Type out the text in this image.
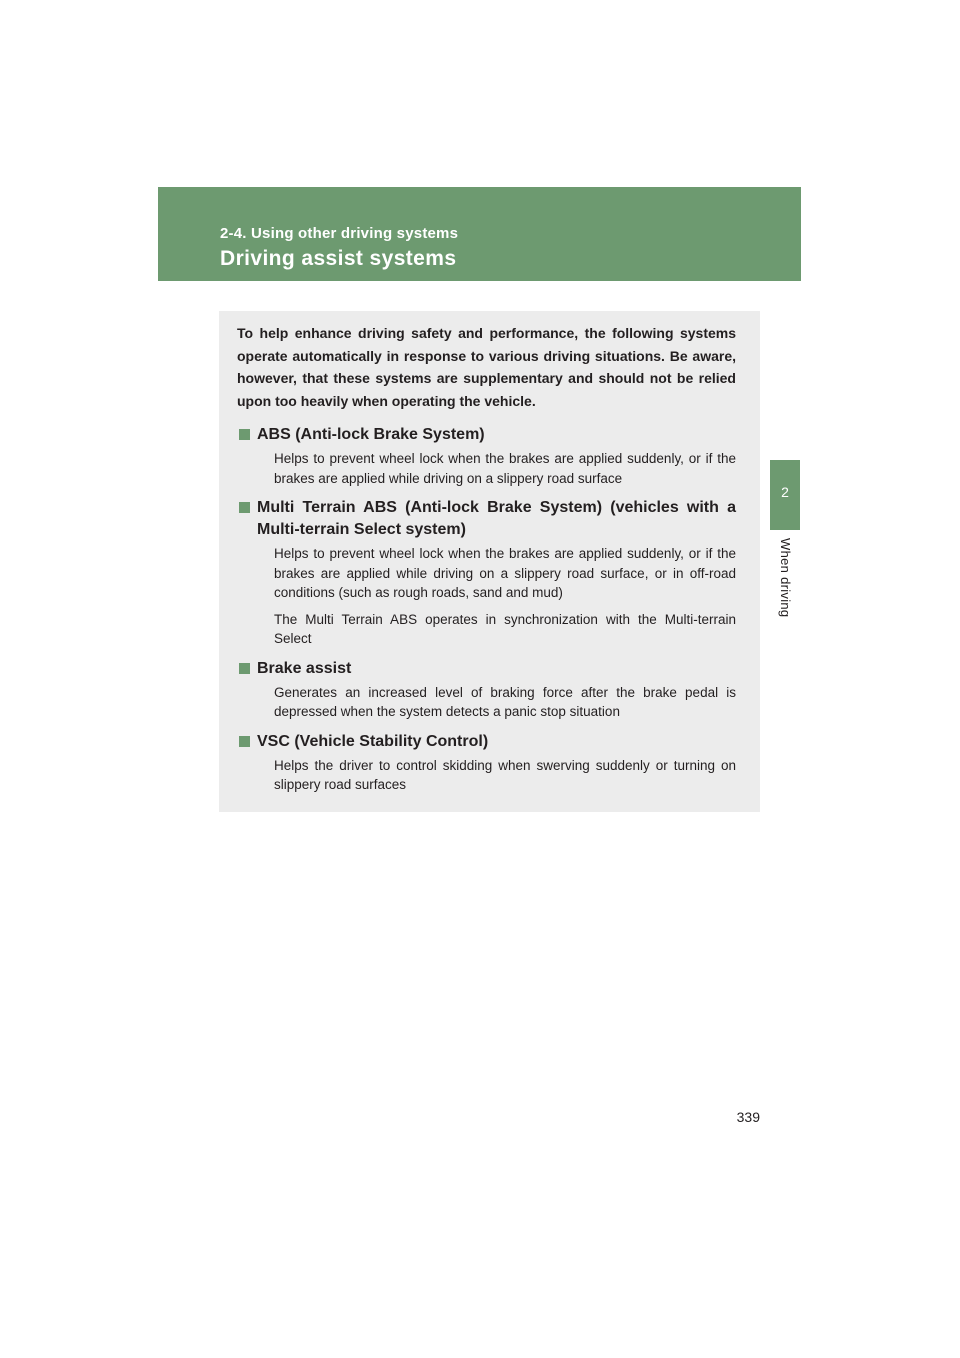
2-4. Using other driving systems
Driving assist systems
2
When driving

To help enhance driving safety and performance, the following systems operate automatically in response to various driving situations. Be aware, however, that these systems are supplementary and should not be relied upon too heavily when operating the vehicle.

ABS (Anti-lock Brake System)
Helps to prevent wheel lock when the brakes are applied suddenly, or if the brakes are applied while driving on a slippery road surface
Multi Terrain ABS (Anti-lock Brake System) (vehicles with a Multi-terrain Select system)
Helps to prevent wheel lock when the brakes are applied suddenly, or if the brakes are applied while driving on a slippery road surface, or in off-road conditions (such as rough roads, sand and mud)
The Multi Terrain ABS operates in synchronization with the Multi-terrain Select
Brake assist
Generates an increased level of braking force after the brake pedal is depressed when the system detects a panic stop situation
VSC (Vehicle Stability Control)
Helps the driver to control skidding when swerving suddenly or turning on slippery road surfaces
339
